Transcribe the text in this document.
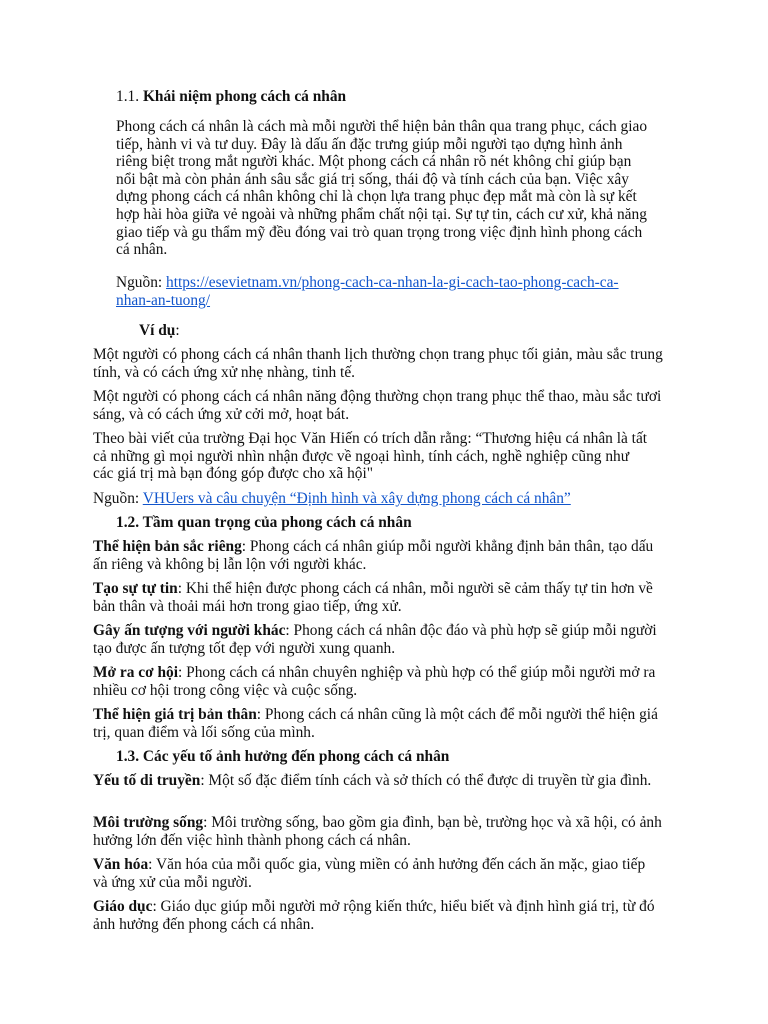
1.1. Khái niệm phong cách cá nhân

Phong cách cá nhân là cách mà mỗi người thể hiện bản thân qua trang phục, cách giao tiếp, hành vi và tư duy. Đây là dấu ấn đặc trưng giúp mỗi người tạo dựng hình ảnh riêng biệt trong mắt người khác. Một phong cách cá nhân rõ nét không chỉ giúp bạn nổi bật mà còn phản ánh sâu sắc giá trị sống, thái độ và tính cách của bạn. Việc xây dựng phong cách cá nhân không chỉ là chọn lựa trang phục đẹp mắt mà còn là sự kết hợp hài hòa giữa vẻ ngoài và những phẩm chất nội tại. Sự tự tin, cách cư xử, khả năng giao tiếp và gu thẩm mỹ đều đóng vai trò quan trọng trong việc định hình phong cách cá nhân.

Nguồn: https://esevietnam.vn/phong-cach-ca-nhan-la-gi-cach-tao-phong-cach-ca-nhan-an-tuong/

Ví dụ:

Một người có phong cách cá nhân thanh lịch thường chọn trang phục tối giản, màu sắc trung tính, và có cách ứng xử nhẹ nhàng, tinh tế.

Một người có phong cách cá nhân năng động thường chọn trang phục thể thao, màu sắc tươi sáng, và có cách ứng xử cởi mở, hoạt bát.

Theo bài viết của trường Đại học Văn Hiến có trích dẫn rằng: “Thương hiệu cá nhân là tất cả những gì mọi người nhìn nhận được về ngoại hình, tính cách, nghề nghiệp cũng như các giá trị mà bạn đóng góp được cho xã hội"

Nguồn: VHUers và câu chuyện “Định hình và xây dựng phong cách cá nhân”

1.2. Tầm quan trọng của phong cách cá nhân

Thể hiện bản sắc riêng: Phong cách cá nhân giúp mỗi người khẳng định bản thân, tạo dấu ấn riêng và không bị lẫn lộn với người khác.

Tạo sự tự tin: Khi thể hiện được phong cách cá nhân, mỗi người sẽ cảm thấy tự tin hơn về bản thân và thoải mái hơn trong giao tiếp, ứng xử.

Gây ấn tượng với người khác: Phong cách cá nhân độc đáo và phù hợp sẽ giúp mỗi người tạo được ấn tượng tốt đẹp với người xung quanh.

Mở ra cơ hội: Phong cách cá nhân chuyên nghiệp và phù hợp có thể giúp mỗi người mở ra nhiều cơ hội trong công việc và cuộc sống.

Thể hiện giá trị bản thân: Phong cách cá nhân cũng là một cách để mỗi người thể hiện giá trị, quan điểm và lối sống của mình.

1.3. Các yếu tố ảnh hưởng đến phong cách cá nhân

Yếu tố di truyền: Một số đặc điểm tính cách và sở thích có thể được di truyền từ gia đình.

Môi trường sống: Môi trường sống, bao gồm gia đình, bạn bè, trường học và xã hội, có ảnh hưởng lớn đến việc hình thành phong cách cá nhân.

Văn hóa: Văn hóa của mỗi quốc gia, vùng miền có ảnh hưởng đến cách ăn mặc, giao tiếp và ứng xử của mỗi người.

Giáo dục: Giáo dục giúp mỗi người mở rộng kiến thức, hiểu biết và định hình giá trị, từ đó ảnh hưởng đến phong cách cá nhân.
